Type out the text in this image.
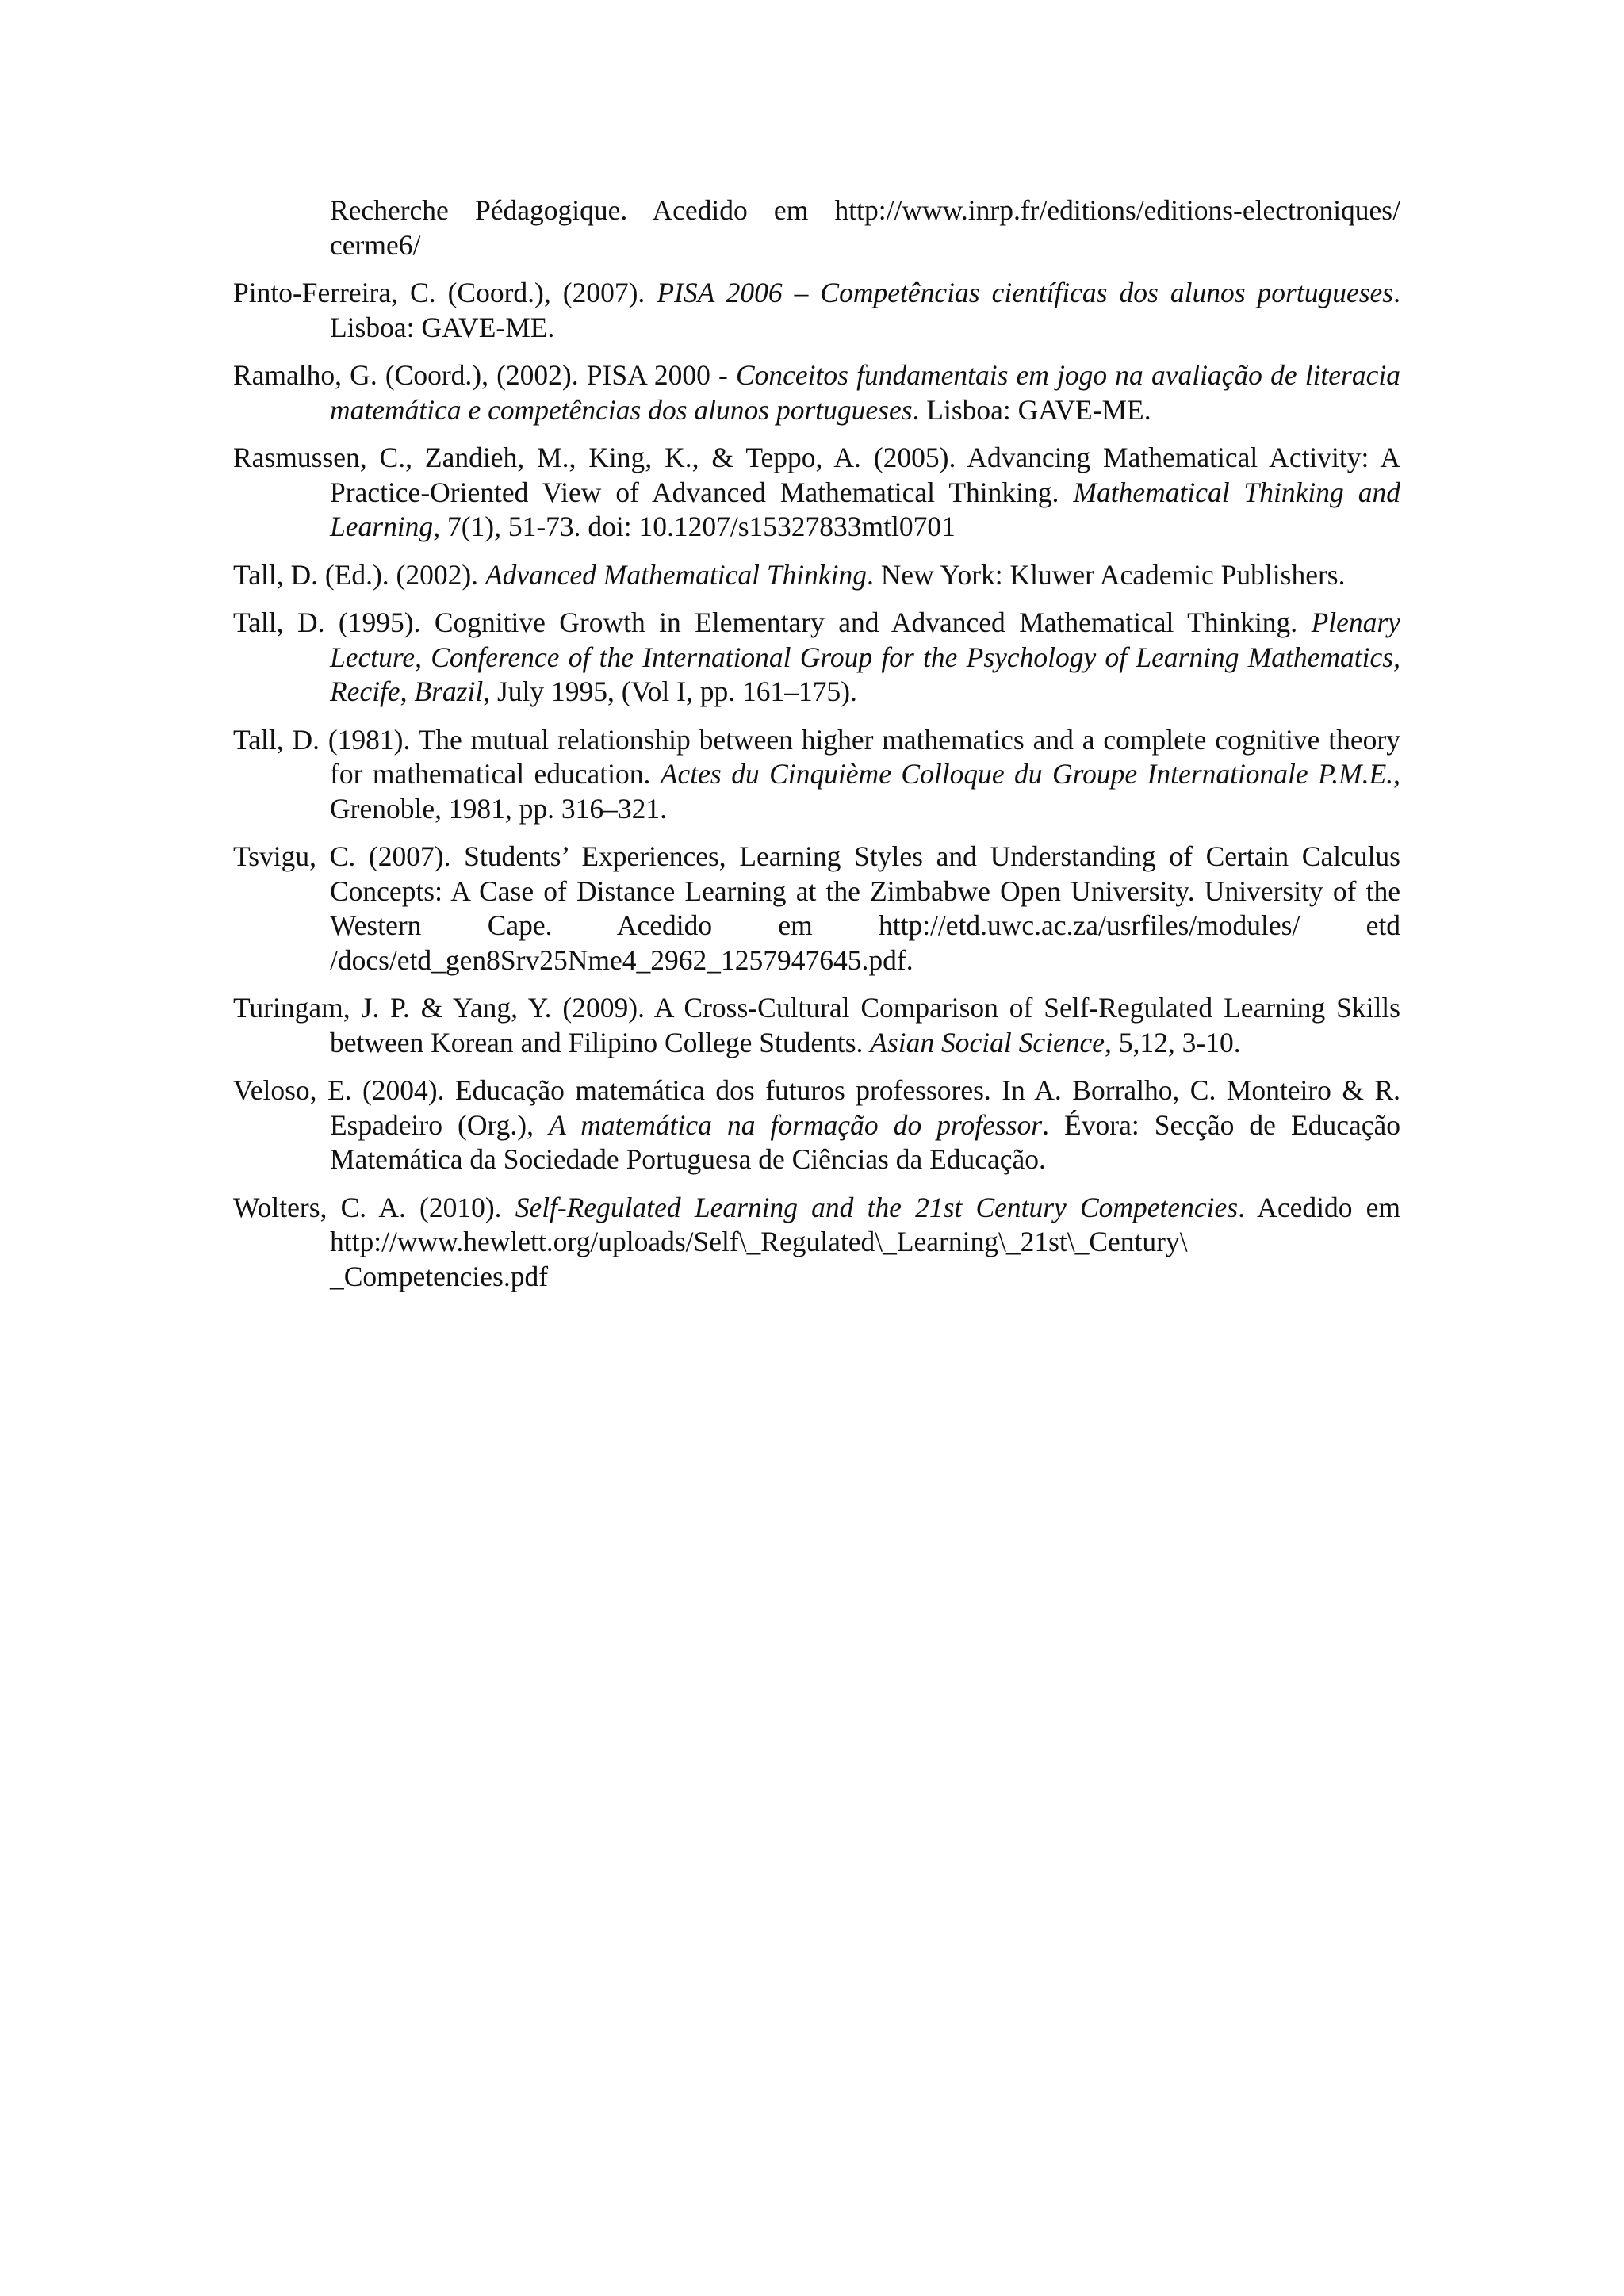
Recherche Pédagogique. Acedido em http://www.inrp.fr/editions/editions-electroniques/ cerme6/

Pinto-Ferreira, C. (Coord.), (2007). PISA 2006 – Competências científicas dos alunos portugueses. Lisboa: GAVE-ME.

Ramalho, G. (Coord.), (2002). PISA 2000 - Conceitos fundamentais em jogo na avaliação de literacia matemática e competências dos alunos portugueses. Lisboa: GAVE-ME.

Rasmussen, C., Zandieh, M., King, K., & Teppo, A. (2005). Advancing Mathematical Activity: A Practice-Oriented View of Advanced Mathematical Thinking. Mathematical Thinking and Learning, 7(1), 51-73. doi: 10.1207/s15327833mtl0701

Tall, D. (Ed.). (2002). Advanced Mathematical Thinking. New York: Kluwer Academic Publishers.

Tall, D. (1995). Cognitive Growth in Elementary and Advanced Mathematical Thinking. Plenary Lecture, Conference of the International Group for the Psychology of Learning Mathematics, Recife, Brazil, July 1995, (Vol I, pp. 161–175).

Tall, D. (1981). The mutual relationship between higher mathematics and a complete cognitive theory for mathematical education. Actes du Cinquième Colloque du Groupe Internationale P.M.E., Grenoble, 1981, pp. 316–321.

Tsvigu, C. (2007). Students’ Experiences, Learning Styles and Understanding of Certain Calculus Concepts: A Case of Distance Learning at the Zimbabwe Open University. University of the Western Cape. Acedido em http://etd.uwc.ac.za/usrfiles/modules/ etd /docs/etd_gen8Srv25Nme4_2962_1257947645.pdf.

Turingam, J. P. & Yang, Y. (2009). A Cross-Cultural Comparison of Self-Regulated Learning Skills between Korean and Filipino College Students. Asian Social Science, 5,12, 3-10.

Veloso, E. (2004). Educação matemática dos futuros professores. In A. Borralho, C. Monteiro & R. Espadeiro (Org.), A matemática na formação do professor. Évora: Secção de Educação Matemática da Sociedade Portuguesa de Ciências da Educação.

Wolters, C. A. (2010). Self-Regulated Learning and the 21st Century Competencies. Acedido em http://www.hewlett.org/uploads/Self\_Regulated\_Learning\_21st\_Century\ _Competencies.pdf
